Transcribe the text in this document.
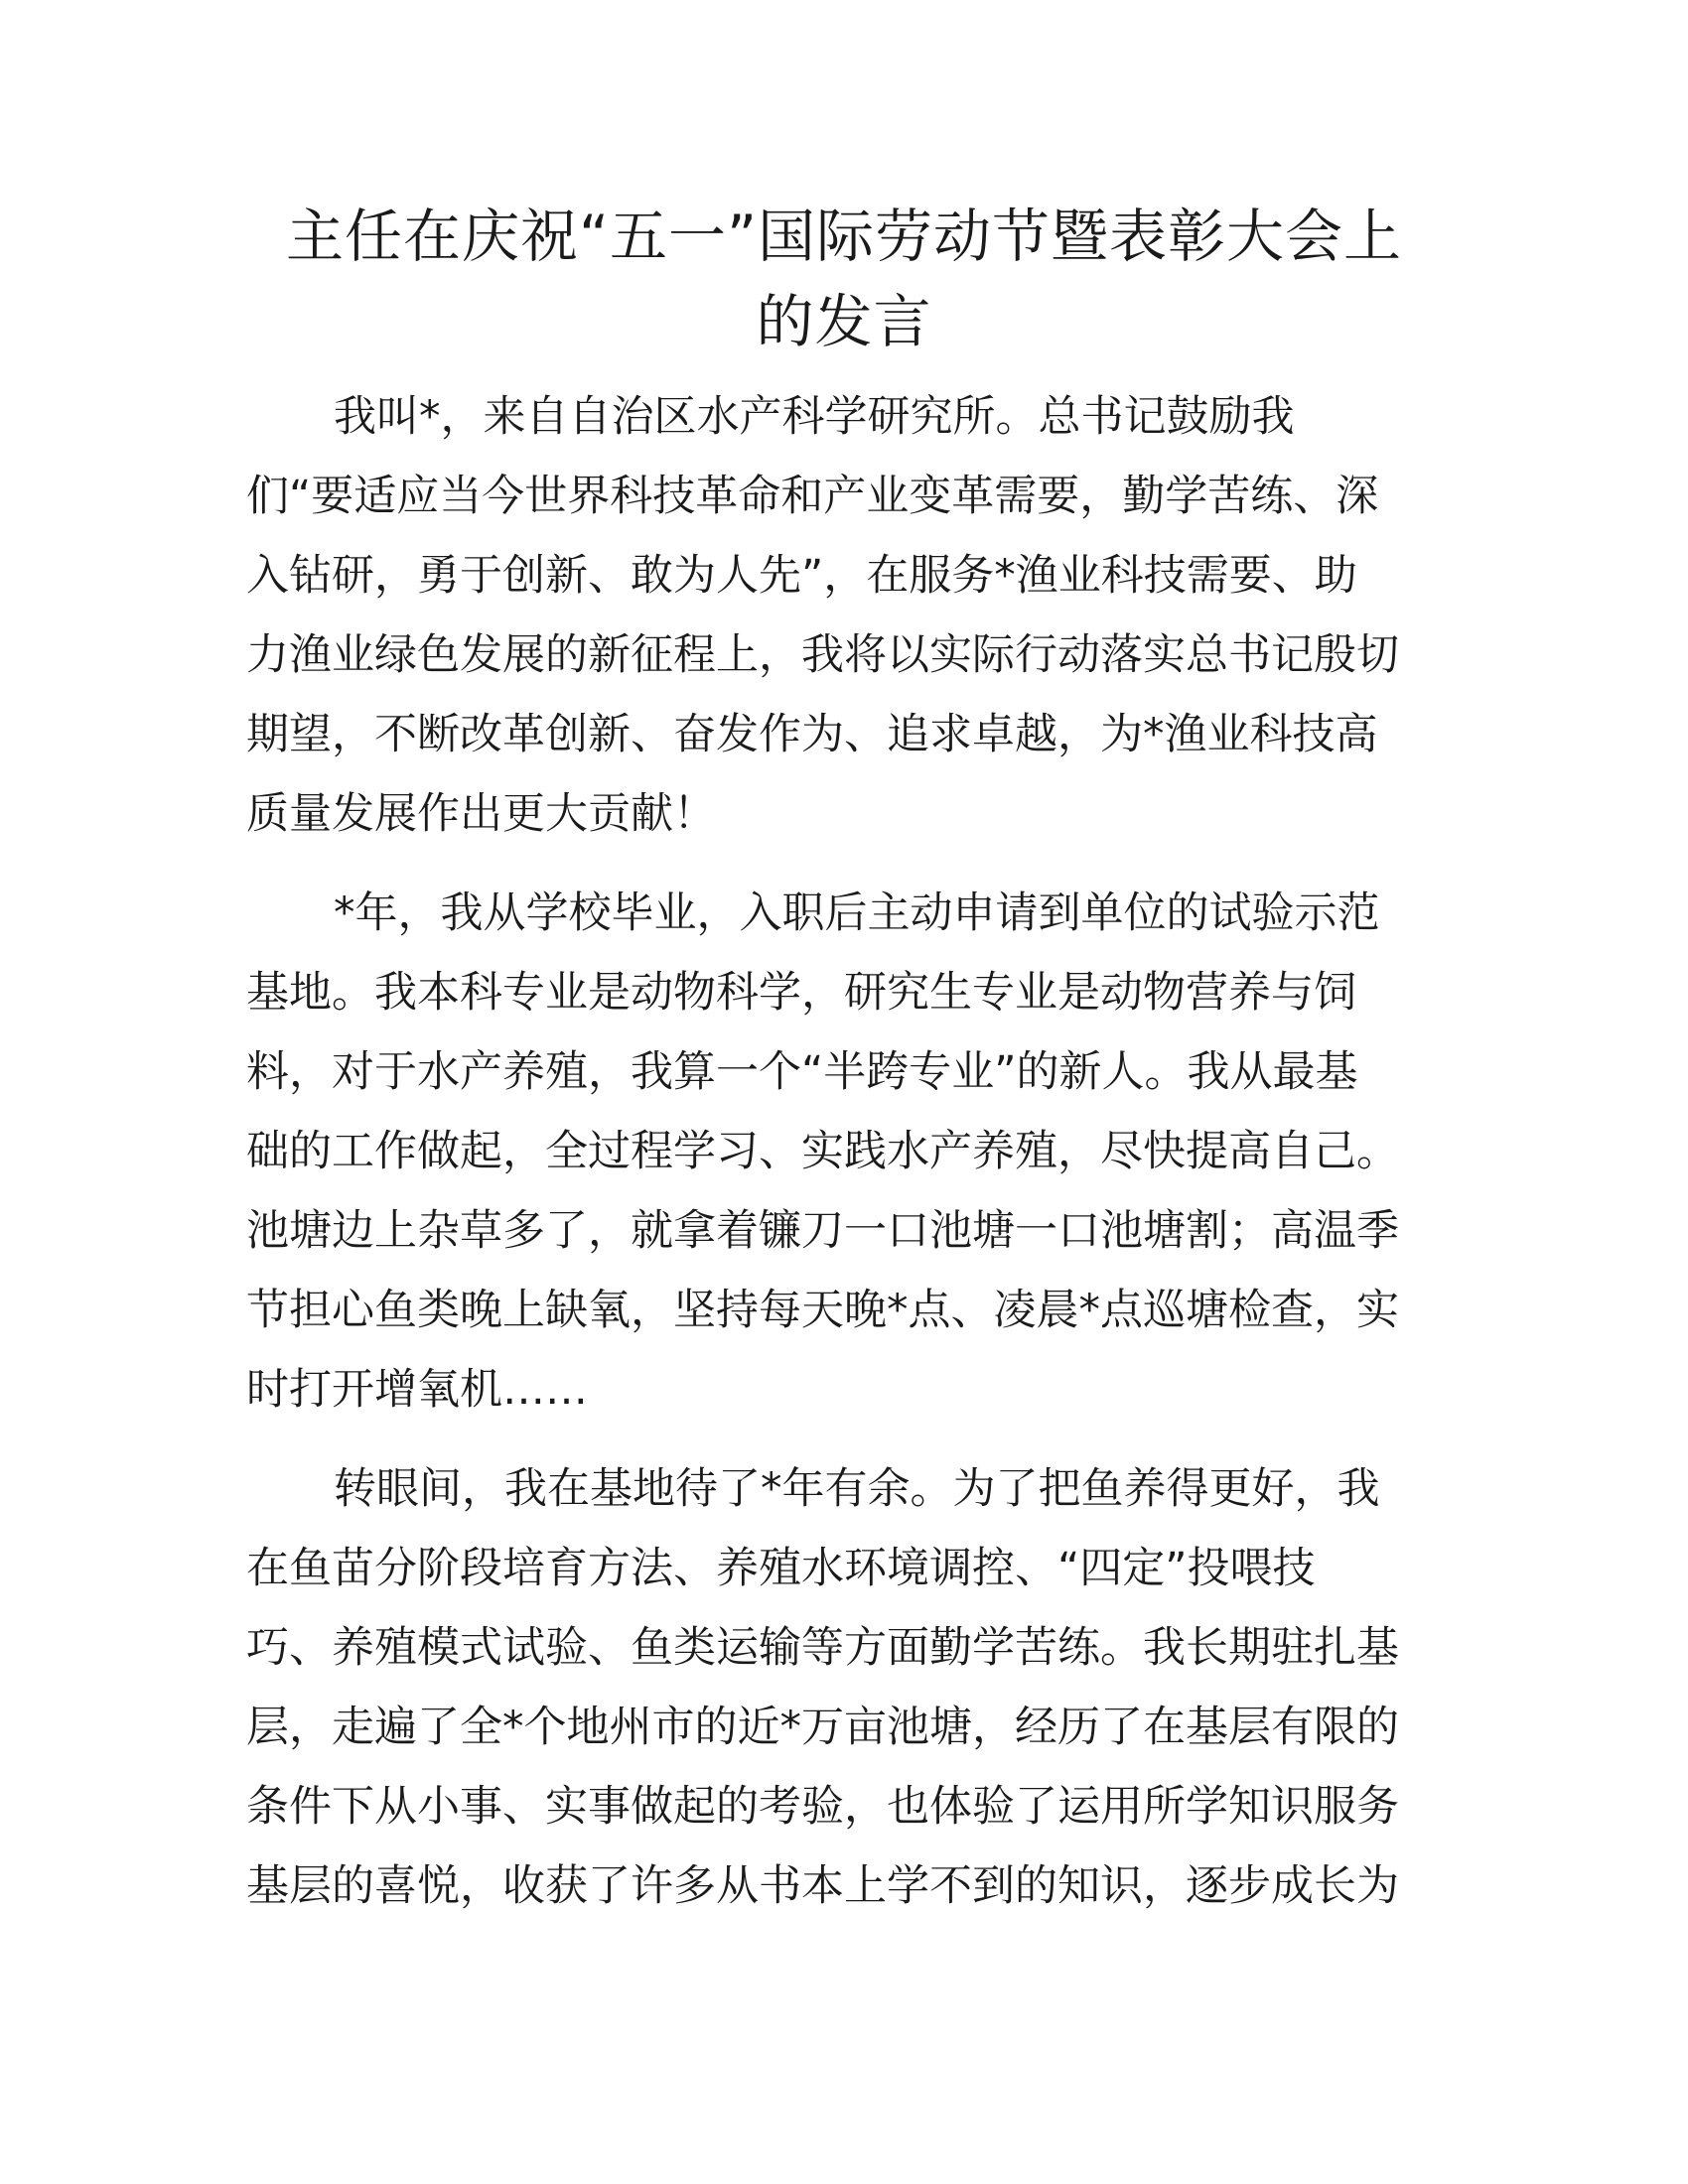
主任在庆祝“五一”国际劳动节暨表彰大会上
的发言

我叫*，来自自治区水产科学研究所。总书记鼓励我
们“要适应当今世界科技革命和产业变革需要，勤学苦练、深
入钻研，勇于创新、敢为人先”，在服务*渔业科技需要、助
力渔业绿色发展的新征程上，我将以实际行动落实总书记殷切
期望，不断改革创新、奋发作为、追求卓越，为*渔业科技高
质量发展作出更大贡献！

*年，我从学校毕业，入职后主动申请到单位的试验示范
基地。我本科专业是动物科学，研究生专业是动物营养与饲
料，对于水产养殖，我算一个“半跨专业”的新人。我从最基
础的工作做起，全过程学习、实践水产养殖，尽快提高自己。
池塘边上杂草多了，就拿着镰刀一口池塘一口池塘割；高温季
节担心鱼类晚上缺氧，坚持每天晚*点、凌晨*点巡塘检查，实
时打开增氧机……

转眼间，我在基地待了*年有余。为了把鱼养得更好，我
在鱼苗分阶段培育方法、养殖水环境调控、“四定”投喂技
巧、养殖模式试验、鱼类运输等方面勤学苦练。我长期驻扎基
层，走遍了全*个地州市的近*万亩池塘，经历了在基层有限的
条件下从小事、实事做起的考验，也体验了运用所学知识服务
基层的喜悦，收获了许多从书本上学不到的知识，逐步成长为
